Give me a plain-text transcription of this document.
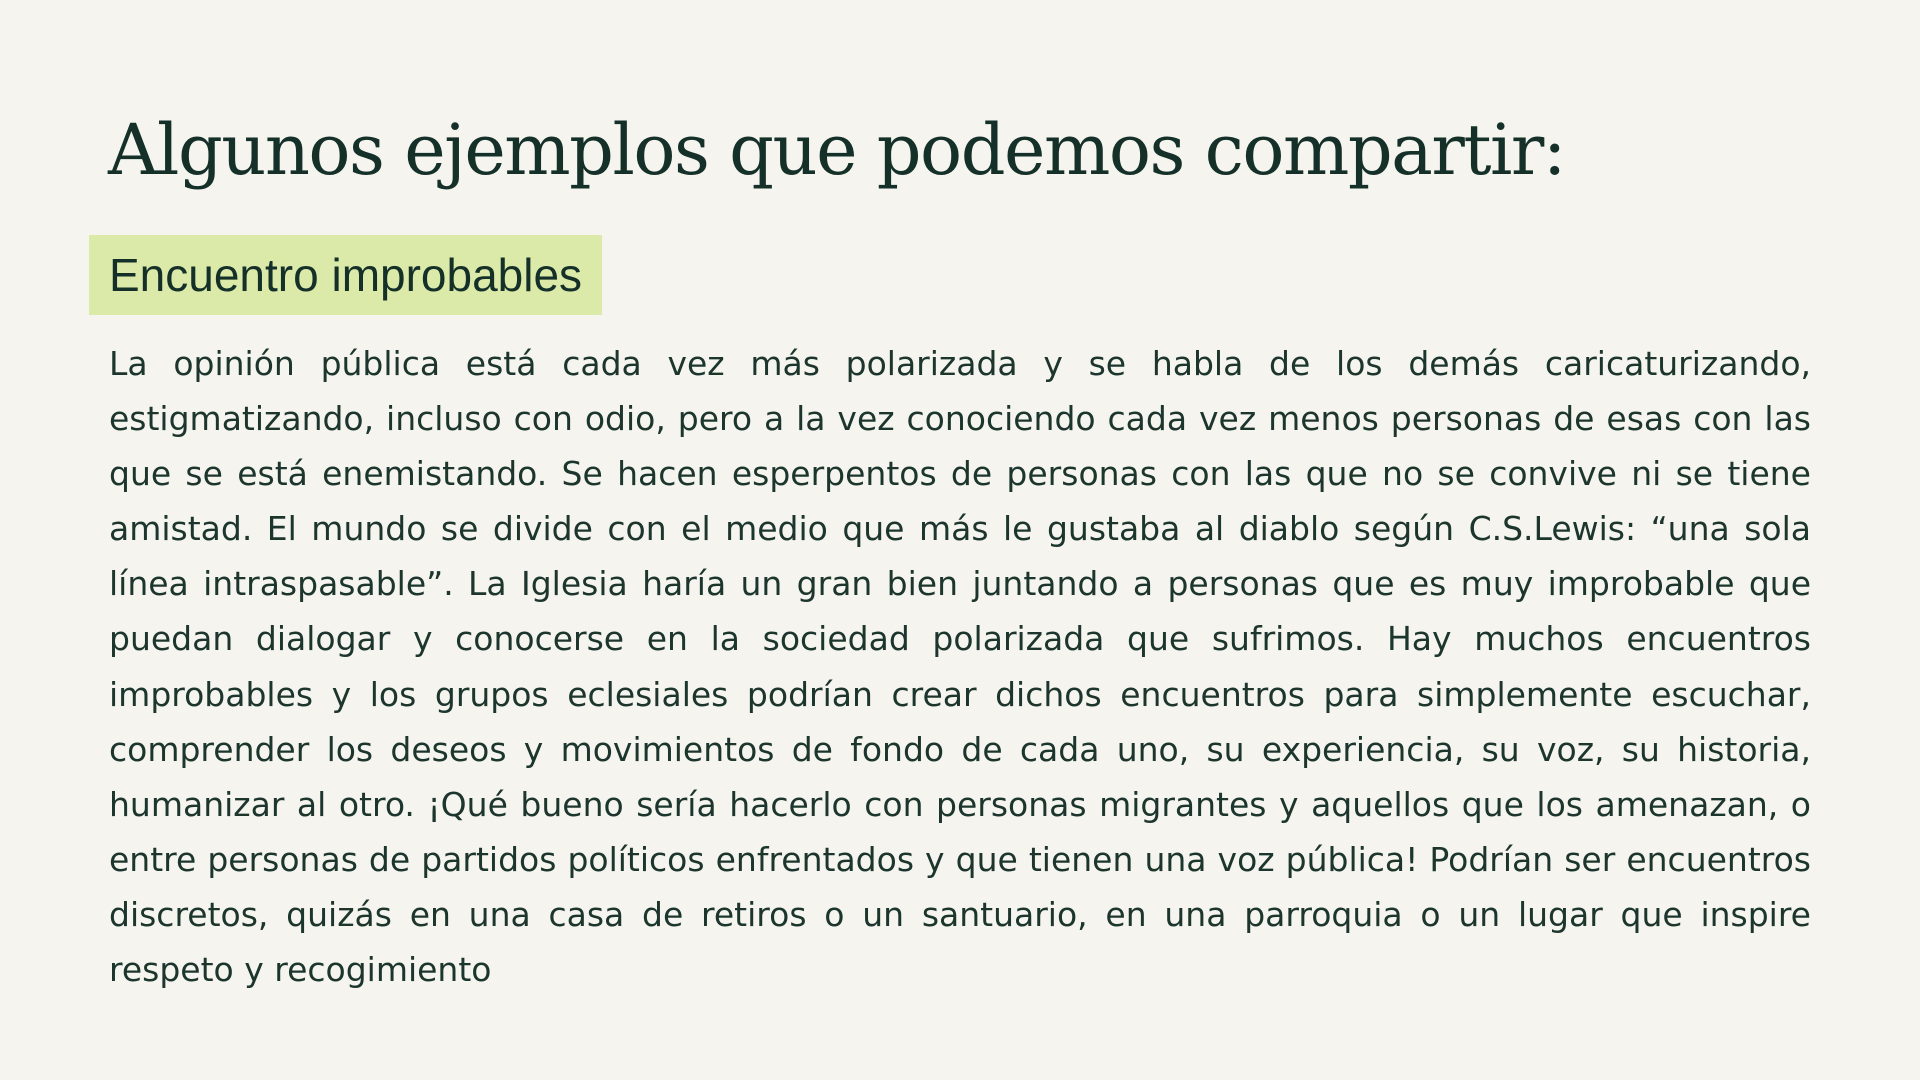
Algunos ejemplos que podemos compartir:
Encuentro improbables

La opinión pública está cada vez más polarizada y se habla de los demás caricaturizando, estigmatizando, incluso con odio, pero a la vez conociendo cada vez menos personas de esas con las que se está enemistando. Se hacen esperpentos de personas con las que no se convive ni se tiene amistad. El mundo se divide con el medio que más le gustaba al diablo según C.S.Lewis: “una sola línea intraspasable”. La Iglesia haría un gran bien juntando a personas que es muy improbable que puedan dialogar y conocerse en la sociedad polarizada que sufrimos. Hay muchos encuentros improbables y los grupos eclesiales podrían crear dichos encuentros para simplemente escuchar, comprender los deseos y movimientos de fondo de cada uno, su experiencia, su voz, su historia, humanizar al otro. ¡Qué bueno sería hacerlo con personas migrantes y aquellos que los amenazan, o entre personas de partidos políticos enfrentados y que tienen una voz pública! Podrían ser encuentros discretos, quizás en una casa de retiros o un santuario, en una parroquia o un lugar que inspire respeto y recogimiento
